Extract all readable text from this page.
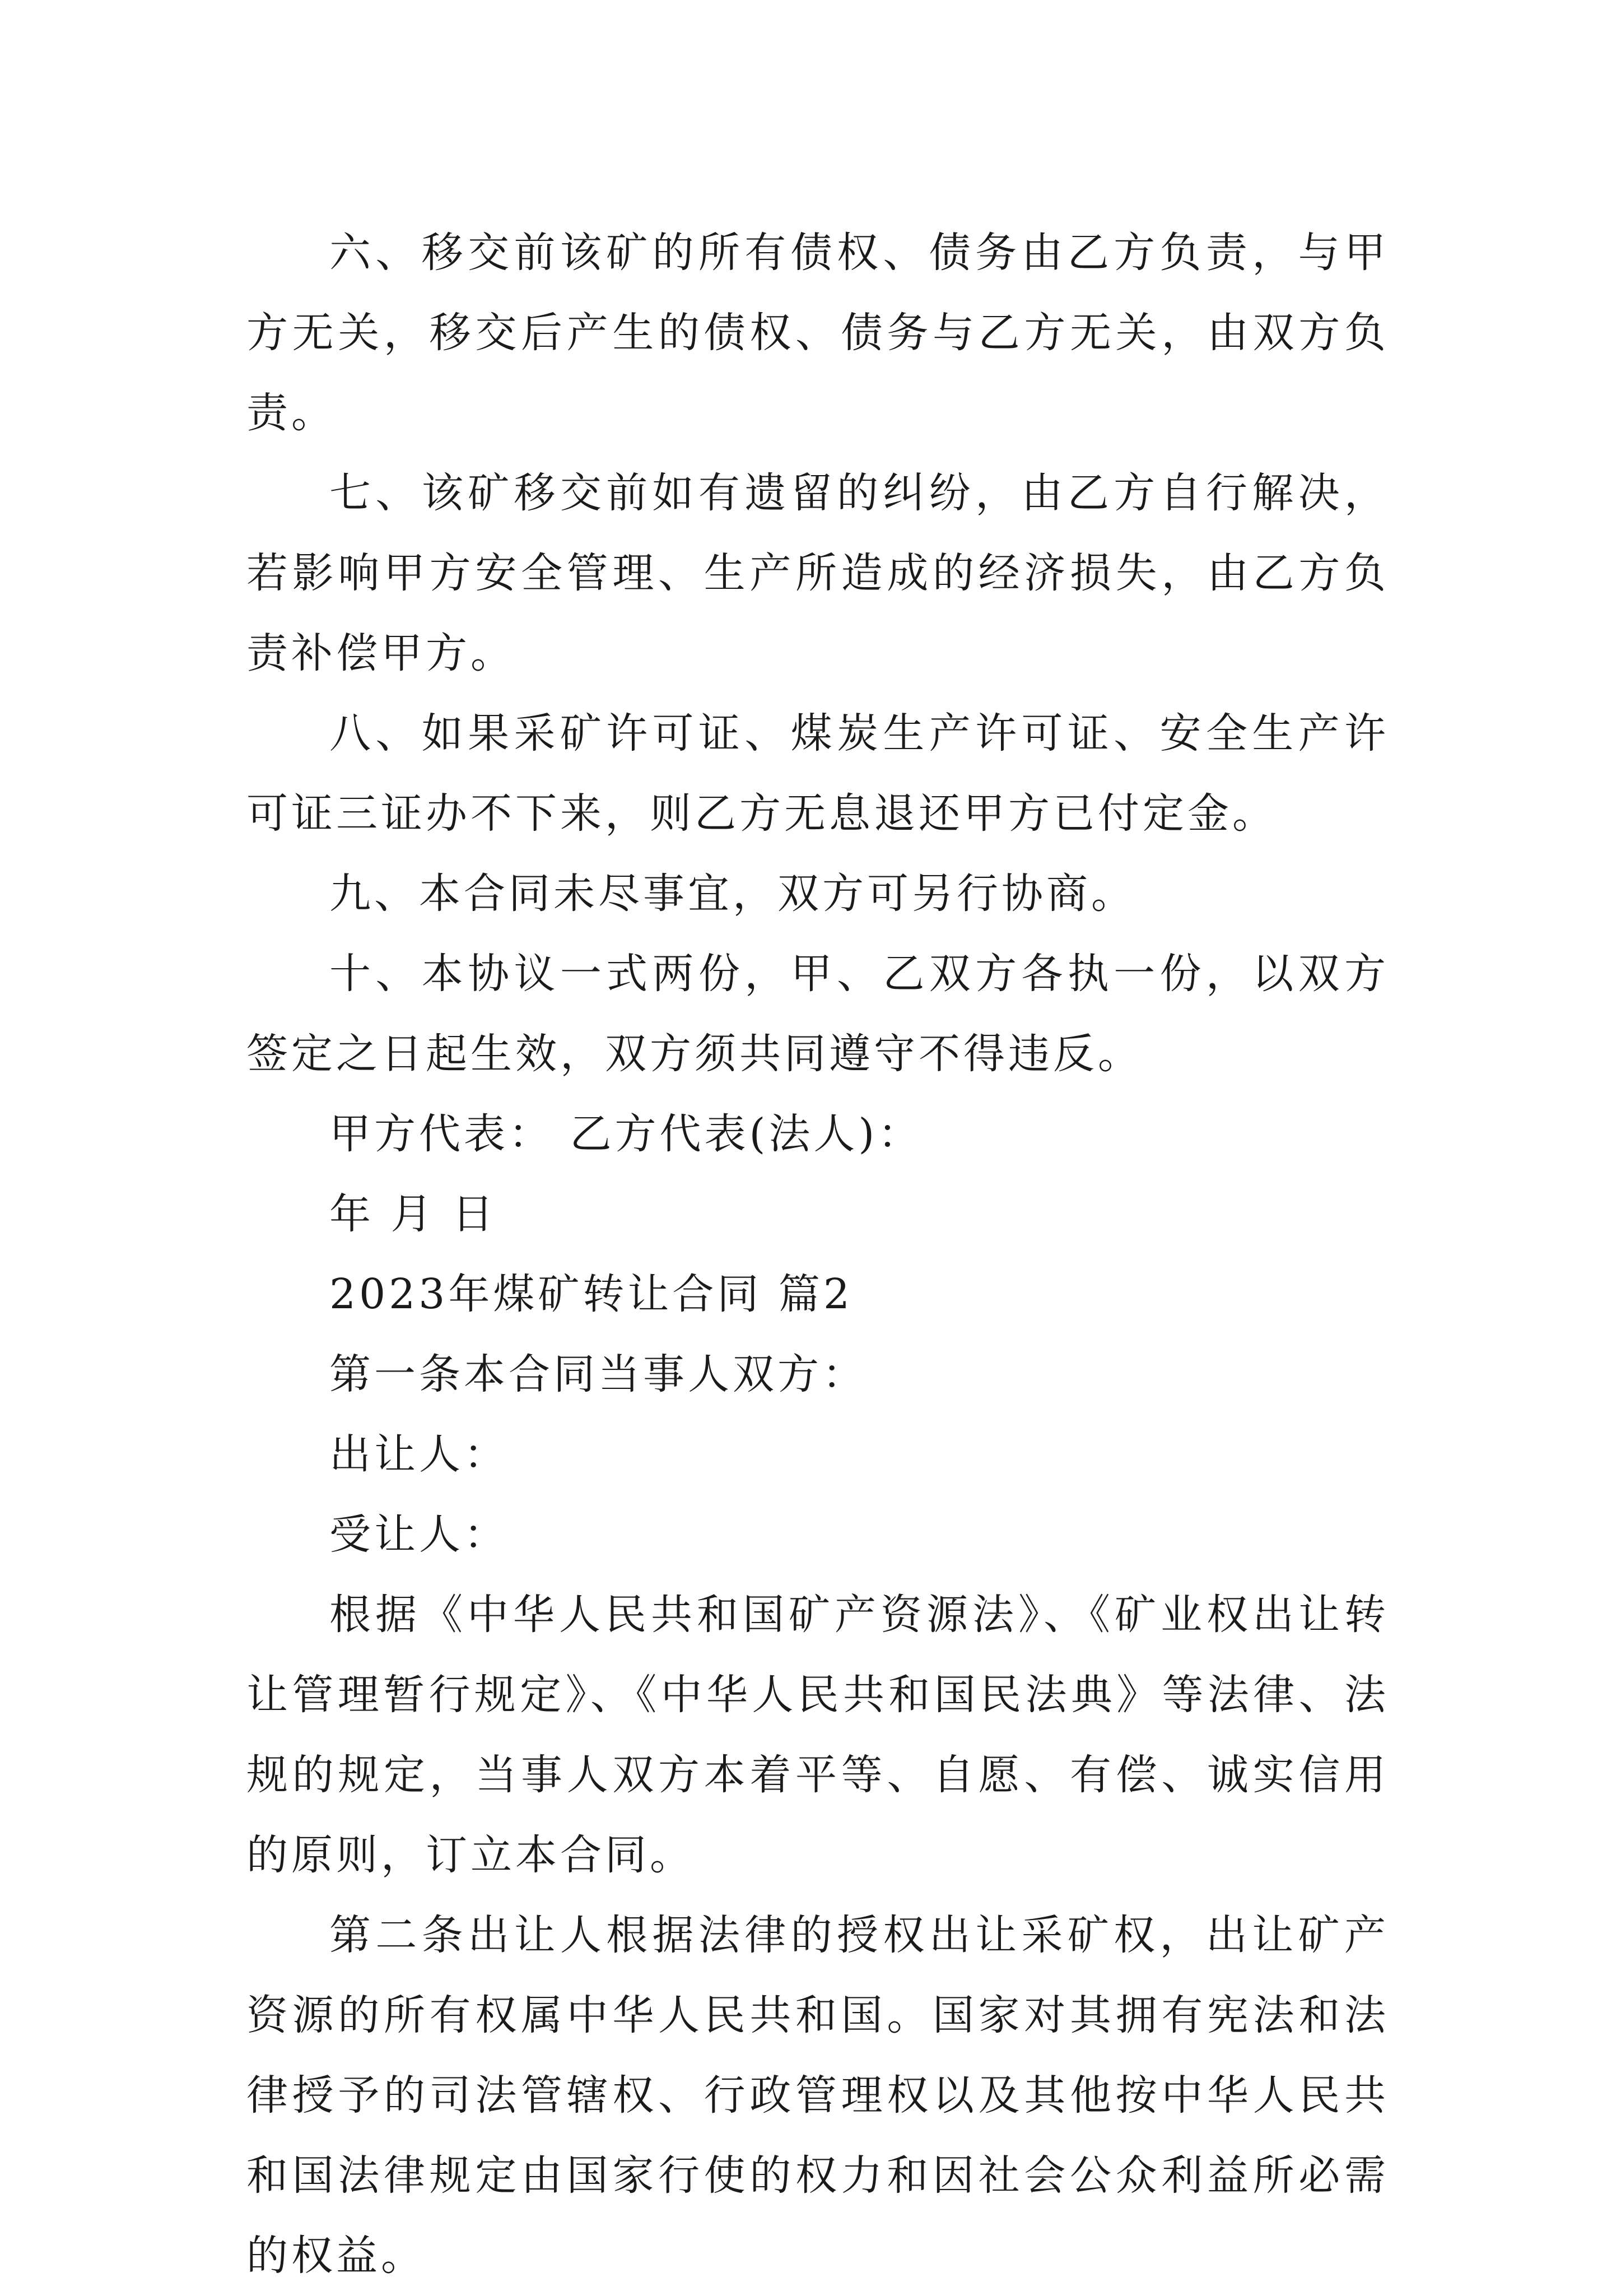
六、移交前该矿的所有债权、债务由乙方负责，与甲方无关，移交后产生的债权、债务与乙方无关，由双方负责。

七、该矿移交前如有遗留的纠纷，由乙方自行解决，若影响甲方安全管理、生产所造成的经济损失，由乙方负责补偿甲方。

八、如果采矿许可证、煤炭生产许可证、安全生产许可证三证办不下来，则乙方无息退还甲方已付定金。

九、本合同未尽事宜，双方可另行协商。

十、本协议一式两份，甲、乙双方各执一份，以双方签定之日起生效，双方须共同遵守不得违反。

甲方代表： 乙方代表(法人)：

年 月 日

2023年煤矿转让合同 篇2

第一条本合同当事人双方：

出让人：

受让人：

根据《中华人民共和国矿产资源法》、《矿业权出让转让管理暂行规定》、《中华人民共和国民法典》等法律、法规的规定，当事人双方本着平等、自愿、有偿、诚实信用的原则，订立本合同。

第二条出让人根据法律的授权出让采矿权，出让矿产资源的所有权属中华人民共和国。国家对其拥有宪法和法律授予的司法管辖权、行政管理权以及其他按中华人民共和国法律规定由国家行使的权力和因社会公众利益所必需的权益。
